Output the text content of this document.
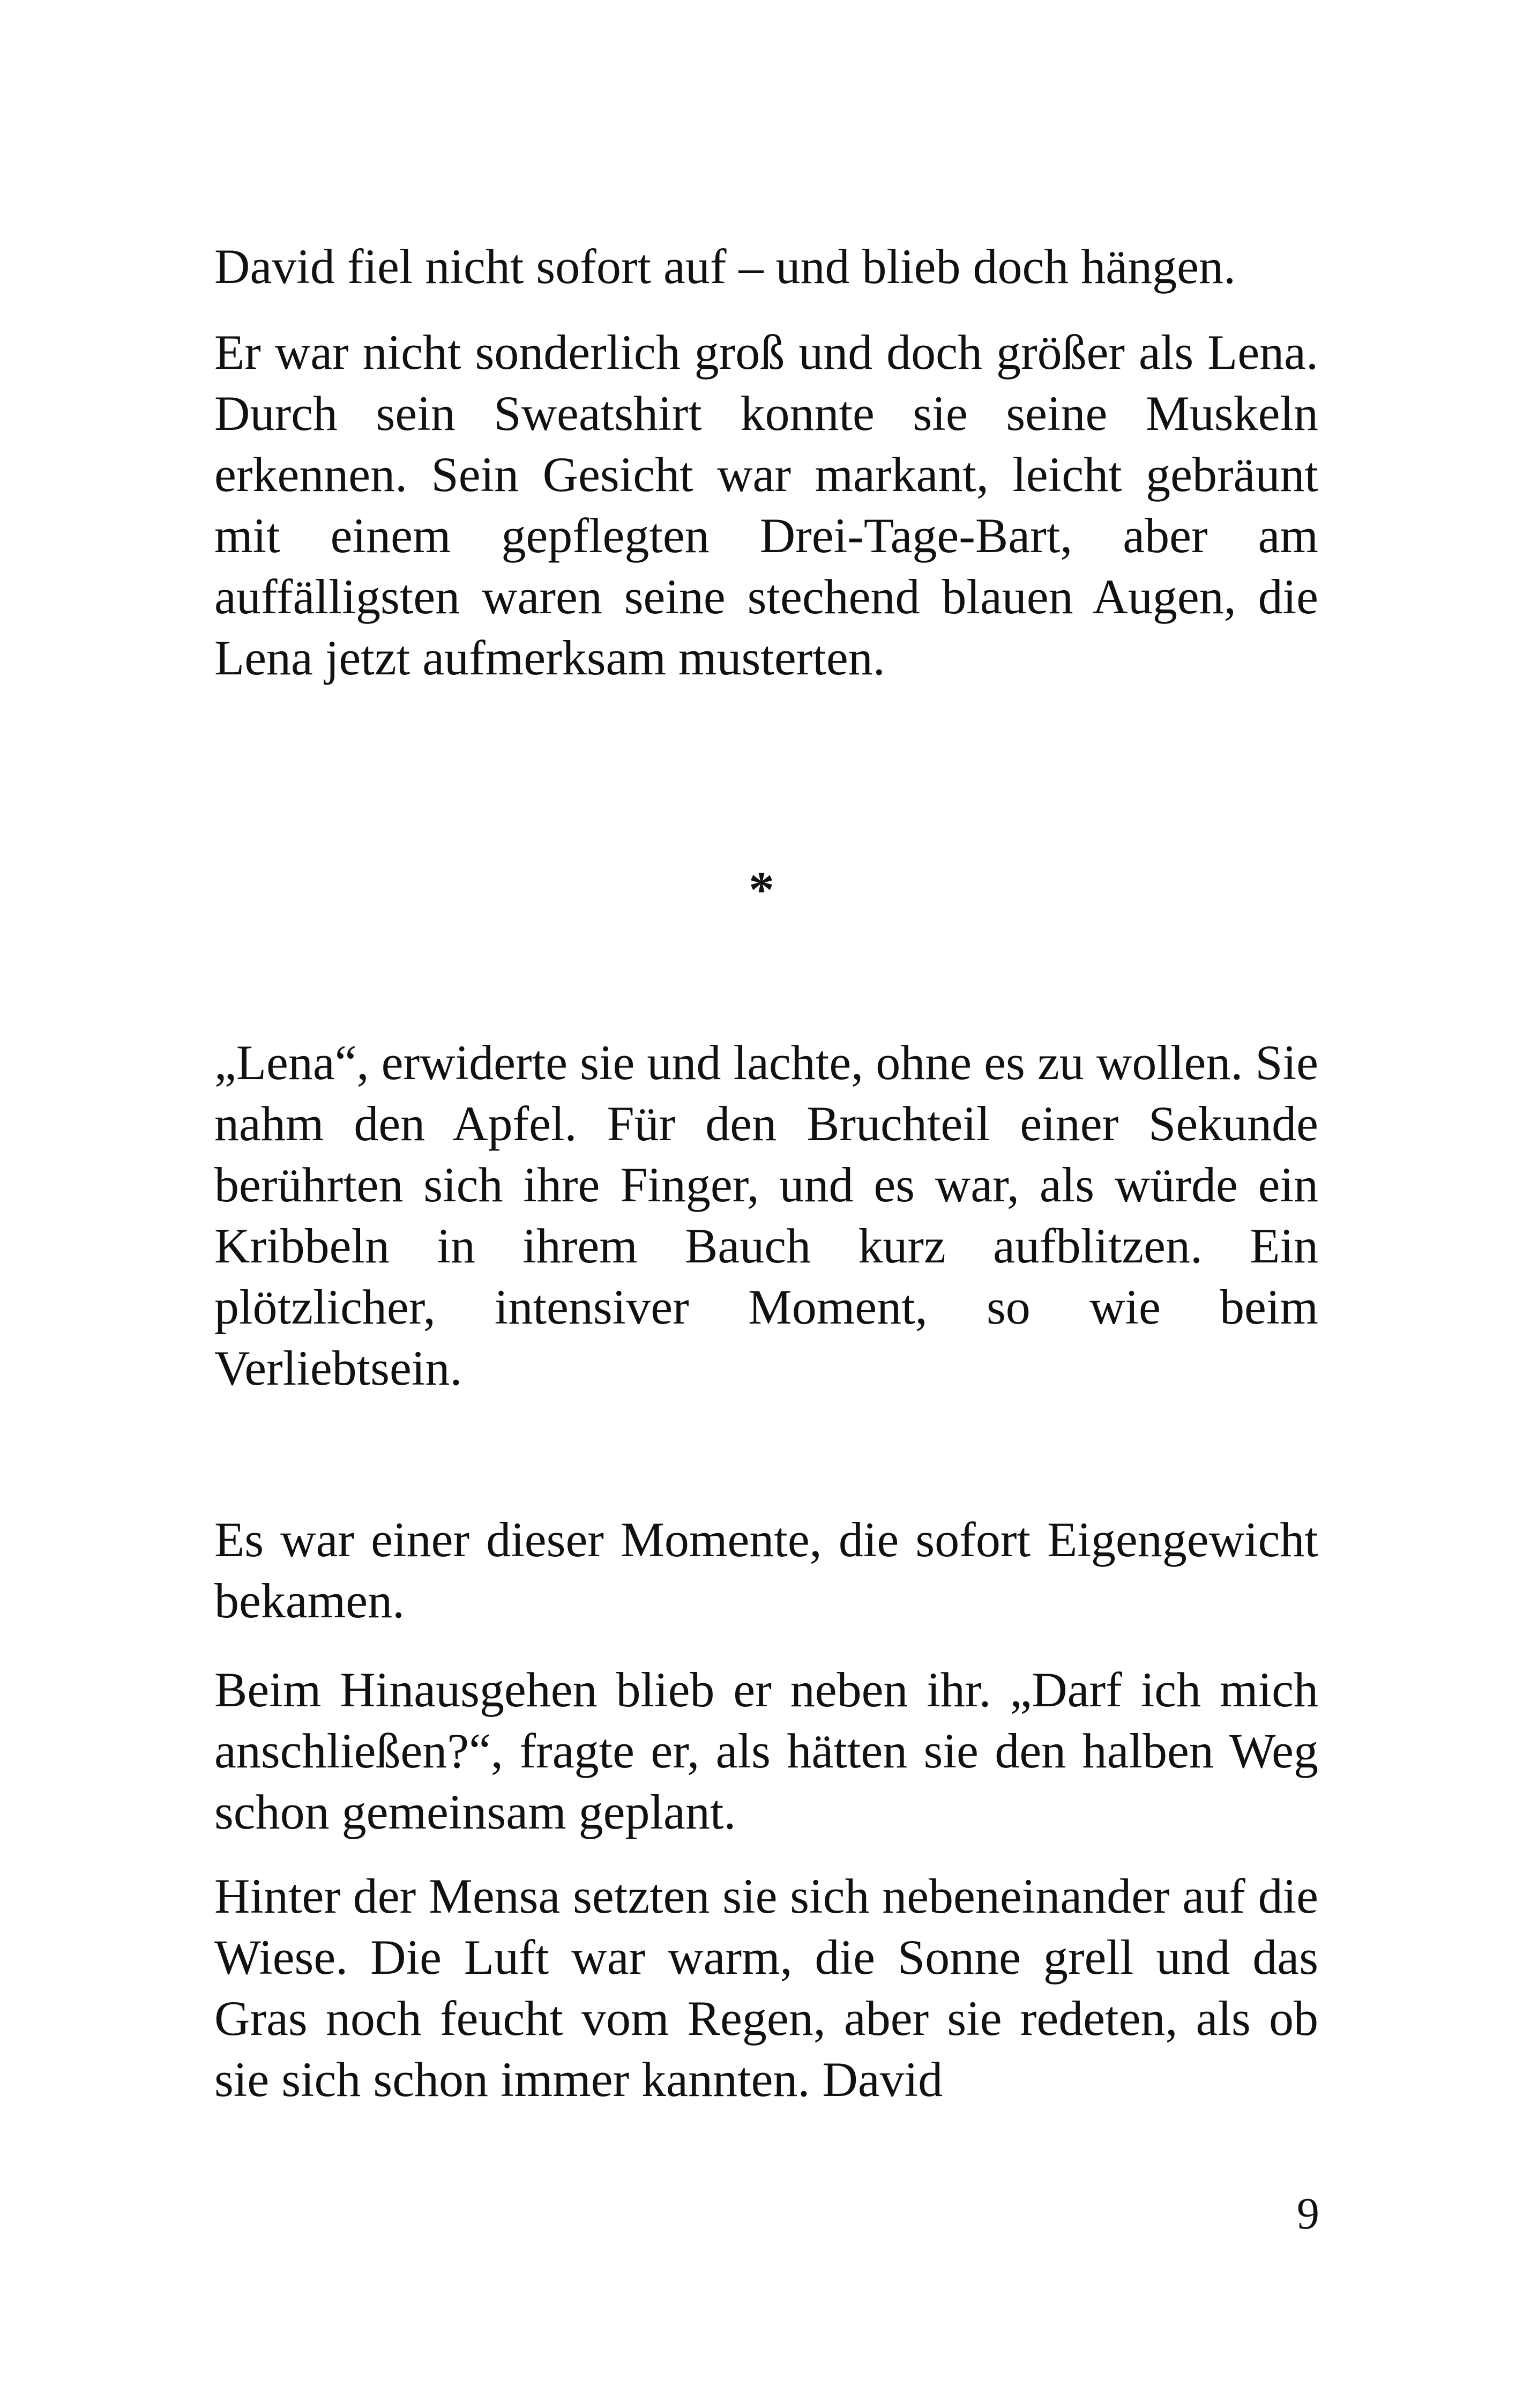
David fiel nicht sofort auf – und blieb doch hängen.

Er war nicht sonderlich groß und doch größer als Lena. Durch sein Sweatshirt konnte sie seine Muskeln erkennen. Sein Gesicht war markant, leicht gebräunt mit einem gepflegten Drei-Tage-Bart, aber am auffälligsten waren seine stechend blauen Augen, die Lena jetzt aufmerksam musterten.

*

„Lena“, erwiderte sie und lachte, ohne es zu wollen. Sie nahm den Apfel. Für den Bruchteil einer Sekunde berührten sich ihre Finger, und es war, als würde ein Kribbeln in ihrem Bauch kurz aufblitzen. Ein plötzlicher, intensiver Moment, so wie beim Verliebtsein.

Es war einer dieser Momente, die sofort Eigengewicht bekamen.

Beim Hinausgehen blieb er neben ihr. „Darf ich mich anschließen?“, fragte er, als hätten sie den halben Weg schon gemeinsam geplant.

Hinter der Mensa setzten sie sich nebeneinander auf die Wiese. Die Luft war warm, die Sonne grell und das Gras noch feucht vom Regen, aber sie redeten, als ob sie sich schon immer kannten. David

9
